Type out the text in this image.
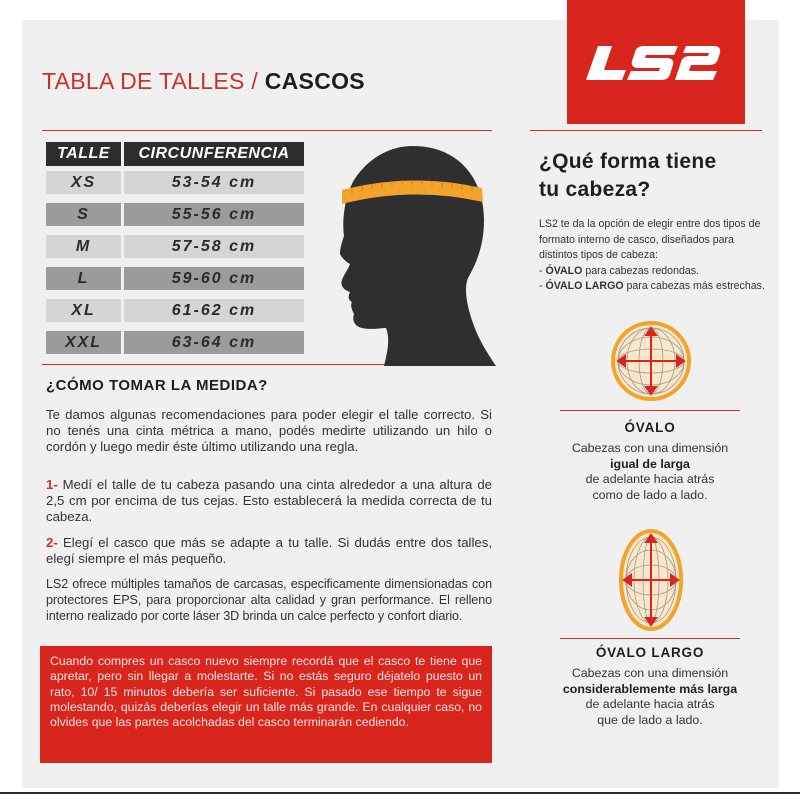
TABLA DE TALLES / CASCOS
TALLE	CIRCUNFERENCIA
XS	53-54 cm
S	55-56 cm
M	57-58 cm
L	59-60 cm
XL	61-62 cm
XXL	63-64 cm
¿CÓMO TOMAR LA MEDIDA?

Te damos algunas recomendaciones para poder elegir el talle correcto. Si no tenés una cinta métrica a mano, podés medirte utilizando un hilo o cordón y luego medir éste último utilizando una regla.

1- Medí el talle de tu cabeza pasando una cinta alrededor a una altura de 2,5 cm por encima de tus cejas. Esto establecerá la medida correcta de tu cabeza.

2- Elegí el casco que más se adapte a tu talle. Si dudás entre dos talles, elegí siempre el más pequeño.

LS2 ofrece múltiples tamaños de carcasas, especificamente dimensionadas con protectores EPS, para proporcionar alta calidad y gran performance. El relleno interno realizado por corte láser 3D brinda un calce perfecto y confort diario.

Cuando compres un casco nuevo siempre recordá que el casco te tiene que apretar, pero sin llegar a molestarte. Si no estás seguro déjatelo puesto un rato, 10/ 15 minutos debería ser suficiente. Si pasado ese tiempo te sigue molestando, quizás deberías elegir un talle más grande. En cualquier caso, no olvides que las partes acolchadas del casco terminarán cediendo.
¿Qué forma tiene
tu cabeza?
LS2 te da la opción de elegir entre dos tipos de formato interno de casco, diseñados para distintos tipos de cabeza:
- ÓVALO para cabezas redondas.
- ÓVALO LARGO para cabezas más estrechas.
ÓVALO
Cabezas con una dimensión
igual de larga
de adelante hacia atrás
como de lado a lado.
ÓVALO LARGO
Cabezas con una dimensión
considerablemente más larga
de adelante hacia atrás
que de lado a lado.
